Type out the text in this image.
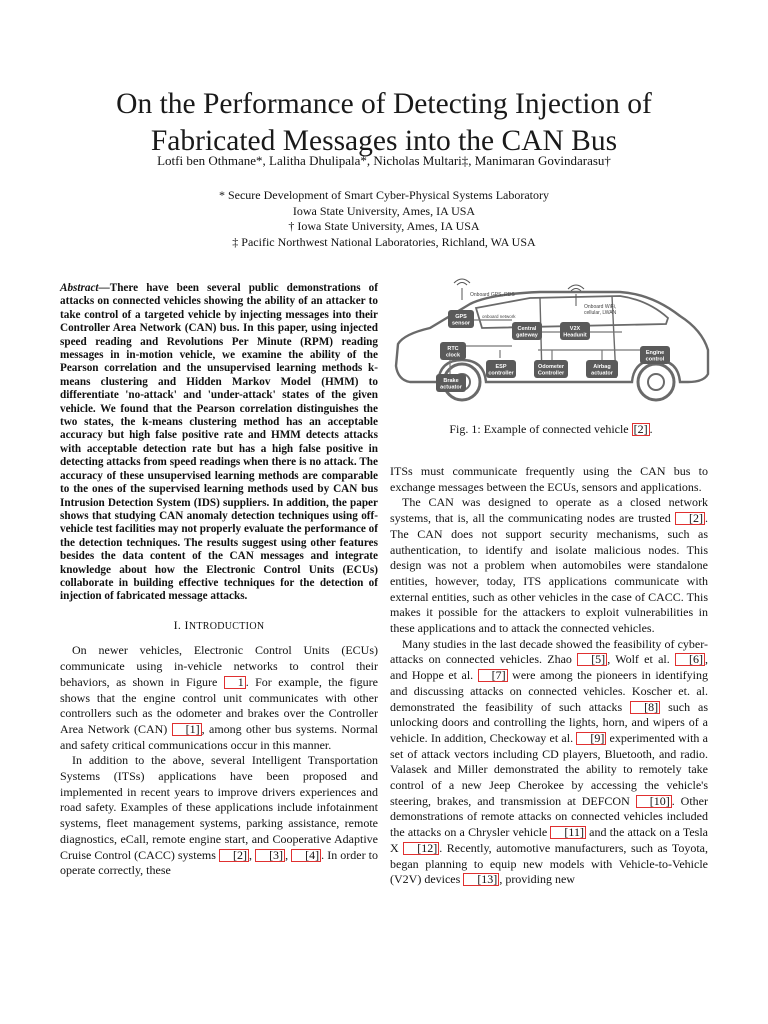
On the Performance of Detecting Injection of
Fabricated Messages into the CAN Bus
Lotfi ben Othmane*, Lalitha Dhulipala*, Nicholas Multari‡, Manimaran Govindarasu†
* Secure Development of Smart Cyber-Physical Systems Laboratory
Iowa State University, Ames, IA USA
† Iowa State University, Ames, IA USA
‡ Pacific Northwest National Laboratories, Richland, WA USA
Abstract—There have been several public demonstrations of attacks on connected vehicles showing the ability of an attacker to take control of a targeted vehicle by injecting messages into their Controller Area Network (CAN) bus. In this paper, using injected speed reading and Revolutions Per Minute (RPM) reading messages in in-motion vehicle, we examine the ability of the Pearson correlation and the unsupervised learning methods k-means clustering and Hidden Markov Model (HMM) to differentiate 'no-attack' and 'under-attack' states of the given vehicle. We found that the Pearson correlation distinguishes the two states, the k-means clustering method has an acceptable accuracy but high false positive rate and HMM detects attacks with acceptable detection rate but has a high false positive in detecting attacks from speed readings when there is no attack. The accuracy of these unsupervised learning methods are comparable to the ones of the supervised learning methods used by CAN bus Intrusion Detection System (IDS) suppliers. In addition, the paper shows that studying CAN anomaly detection techniques using off-vehicle test facilities may not properly evaluate the performance of the detection techniques. The results suggest using other features besides the data content of the CAN messages and integrate knowledge about how the Electronic Control Units (ECUs) collaborate in building effective techniques for the detection of injection of fabricated message attacks.
I. INTRODUCTION

On newer vehicles, Electronic Control Units (ECUs) communicate using in-vehicle networks to control their behaviors, as shown in Figure 1 . For example, the figure shows that the engine control unit communicates with other controllers such as the odometer and brakes over the Controller Area Network (CAN) [1] , among other bus systems. Normal and safety critical communications occur in this manner.

In addition to the above, several Intelligent Transportation Systems (ITSs) applications have been proposed and implemented in recent years to improve drivers experiences and road safety. Examples of these applications include infotainment systems, fleet management systems, parking assistance, remote diagnostics, eCall, remote engine start, and Cooperative Adaptive Cruise Control (CACC) systems [2] , [3] , [4] . In order to operate correctly, these

Onboard GPS, RDS
Onboard WiFi,
cellular, LWAN
onboard network
GPS
sensor
RTC
clock
Brake
actuator
Central
gateway
V2X
Headunit
ESP
controller
Odometer
Controller
Airbag
actuator
Engine
control
Fig. 1: Example of connected vehicle [2] .

ITSs must communicate frequently using the CAN bus to exchange messages between the ECUs, sensors and applications.

The CAN was designed to operate as a closed network systems, that is, all the communicating nodes are trusted [2] . The CAN does not support security mechanisms, such as authentication, to identify and isolate malicious nodes. This design was not a problem when automobiles were standalone entities, however, today, ITS applications communicate with external entities, such as other vehicles in the case of CACC. This makes it possible for the attackers to exploit vulnerabilities in these applications and to attack the connected vehicles.

Many studies in the last decade showed the feasibility of cyber-attacks on connected vehicles. Zhao [5] , Wolf et al. [6] , and Hoppe et al. [7] were among the pioneers in identifying and discussing attacks on connected vehicles. Koscher et. al. demonstrated the feasibility of such attacks [8] such as unlocking doors and controlling the lights, horn, and wipers of a vehicle. In addition, Checkoway et al. [9] experimented with a set of attack vectors including CD players, Bluetooth, and radio. Valasek and Miller demonstrated the ability to remotely take control of a new Jeep Cherokee by accessing the vehicle's steering, brakes, and transmission at DEFCON [10] . Other demonstrations of remote attacks on connected vehicles included the attacks on a Chrysler vehicle [11] and the attack on a Tesla X [12] . Recently, automotive manufacturers, such as Toyota, began planning to equip new models with Vehicle-to-Vehicle (V2V) devices [13] , providing new
